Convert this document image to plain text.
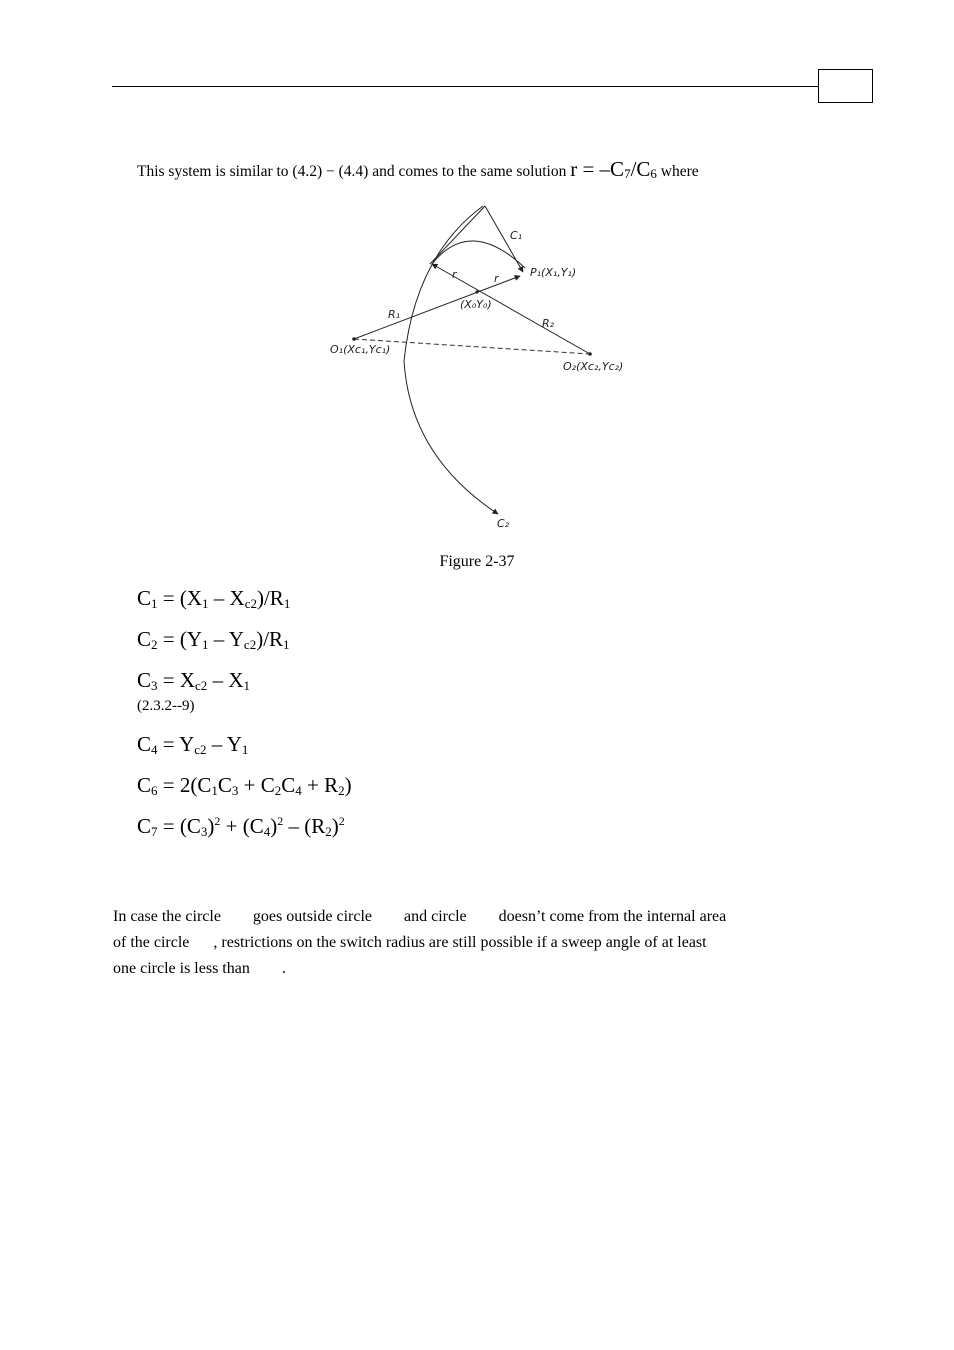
This system is similar to (4.2) − (4.4) and comes to the same solution $r = -C_7/C_6$ where
C₁
P₁(X₁,Y₁)
r	r
(X₀Y₀)
R₁
R₂
O₁(Xc₁,Yc₁)
O₂(Xc₂,Yc₂)
C₂
Figure 2-37
$C_1 = (X_1 - X_{c2})/R_1$
$C_2 = (Y_1 - Y_{c2})/R_1$
$C_3 = X_{c2} - X_1$
(2.3.2--9)
$C_4 = Y_{c2} - Y_1$
$C_6 = 2(C_1C_3 + C_2C_4 + R_2)$
$C_7 = (C_3)^2 + (C_4)^2 - (R_2)^2$
In case the circle        goes outside circle        and circle        doesn’t come from the internal area
of the circle      , restrictions on the switch radius are still possible if a sweep angle of at least
one circle is less than        .
